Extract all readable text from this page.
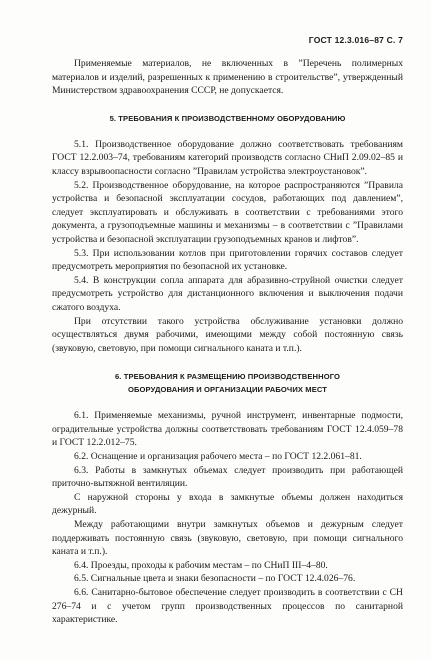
ГОСТ 12.3.016–87 С. 7

Применяемые материалов, не включенных в ”Перечень полимерных материалов и изделий, разрешенных к применению в строительстве”, утвержденный Министерством здравоохранения СССР, не допускается.

5. ТРЕБОВАНИЯ К ПРОИЗВОДСТВЕННОМУ ОБОРУДОВАНИЮ

5.1. Производственное оборудование должно соответствовать требованиям ГОСТ 12.2.003–74, требованиям категорий производств согласно СНиП 2.09.02–85 и классу взрывоопасности согласно ”Правилам устройства электроустановок”.

5.2. Производственное оборудование, на которое распространяются ”Правила устройства и безопасной эксплуатации сосудов, работающих под давлением”, следует эксплуатировать и обслуживать в соответствии с требованиями этого документа, а грузоподъемные машины и механизмы – в соответствии с ”Правилами устройства и безопасной эксплуатации грузоподъемных кранов и лифтов”.

5.3. При использовании котлов при приготовлении горячих составов следует предусмотреть мероприятия по безопасной их установке.

5.4. В конструкции сопла аппарата для абразивно-струйной очистки следует предусмотреть устройство для дистанционного включения и выключения подачи сжатого воздуха.

При отсутствии такого устройства обслуживание установки должно осуществляться двумя рабочими, имеющими между собой постоянную связь (звуковую, световую, при помощи сигнального каната и т.п.).

6. ТРЕБОВАНИЯ К РАЗМЕЩЕНИЮ ПРОИЗВОДСТВЕННОГО
ОБОРУДОВАНИЯ И ОРГАНИЗАЦИИ РАБОЧИХ МЕСТ

6.1. Применяемые механизмы, ручной инструмент, инвентарные подмости, оградительные устройства должны соответствовать требованиям ГОСТ 12.4.059–78 и ГОСТ 12.2.012–75.

6.2. Оснащение и организация рабочего места – по ГОСТ 12.2.061–81.

6.3. Работы в замкнутых объемах следует производить при работающей приточно-вытяжной вентиляции.

С наружной стороны у входа в замкнутые объемы должен находиться дежурный.

Между работающими внутри замкнутых объемов и дежурным следует поддерживать постоянную связь (звуковую, световую, при помощи сигнального каната и т.п.).

6.4. Проезды, проходы к рабочим местам – по СНиП III–4–80.

6.5. Сигнальные цвета и знаки безопасности – по ГОСТ 12.4.026–76.

6.6. Санитарно-бытовое обеспечение следует производить в соответствии с СН 276–74 и с учетом групп производственных процессов по санитарной характеристике.
